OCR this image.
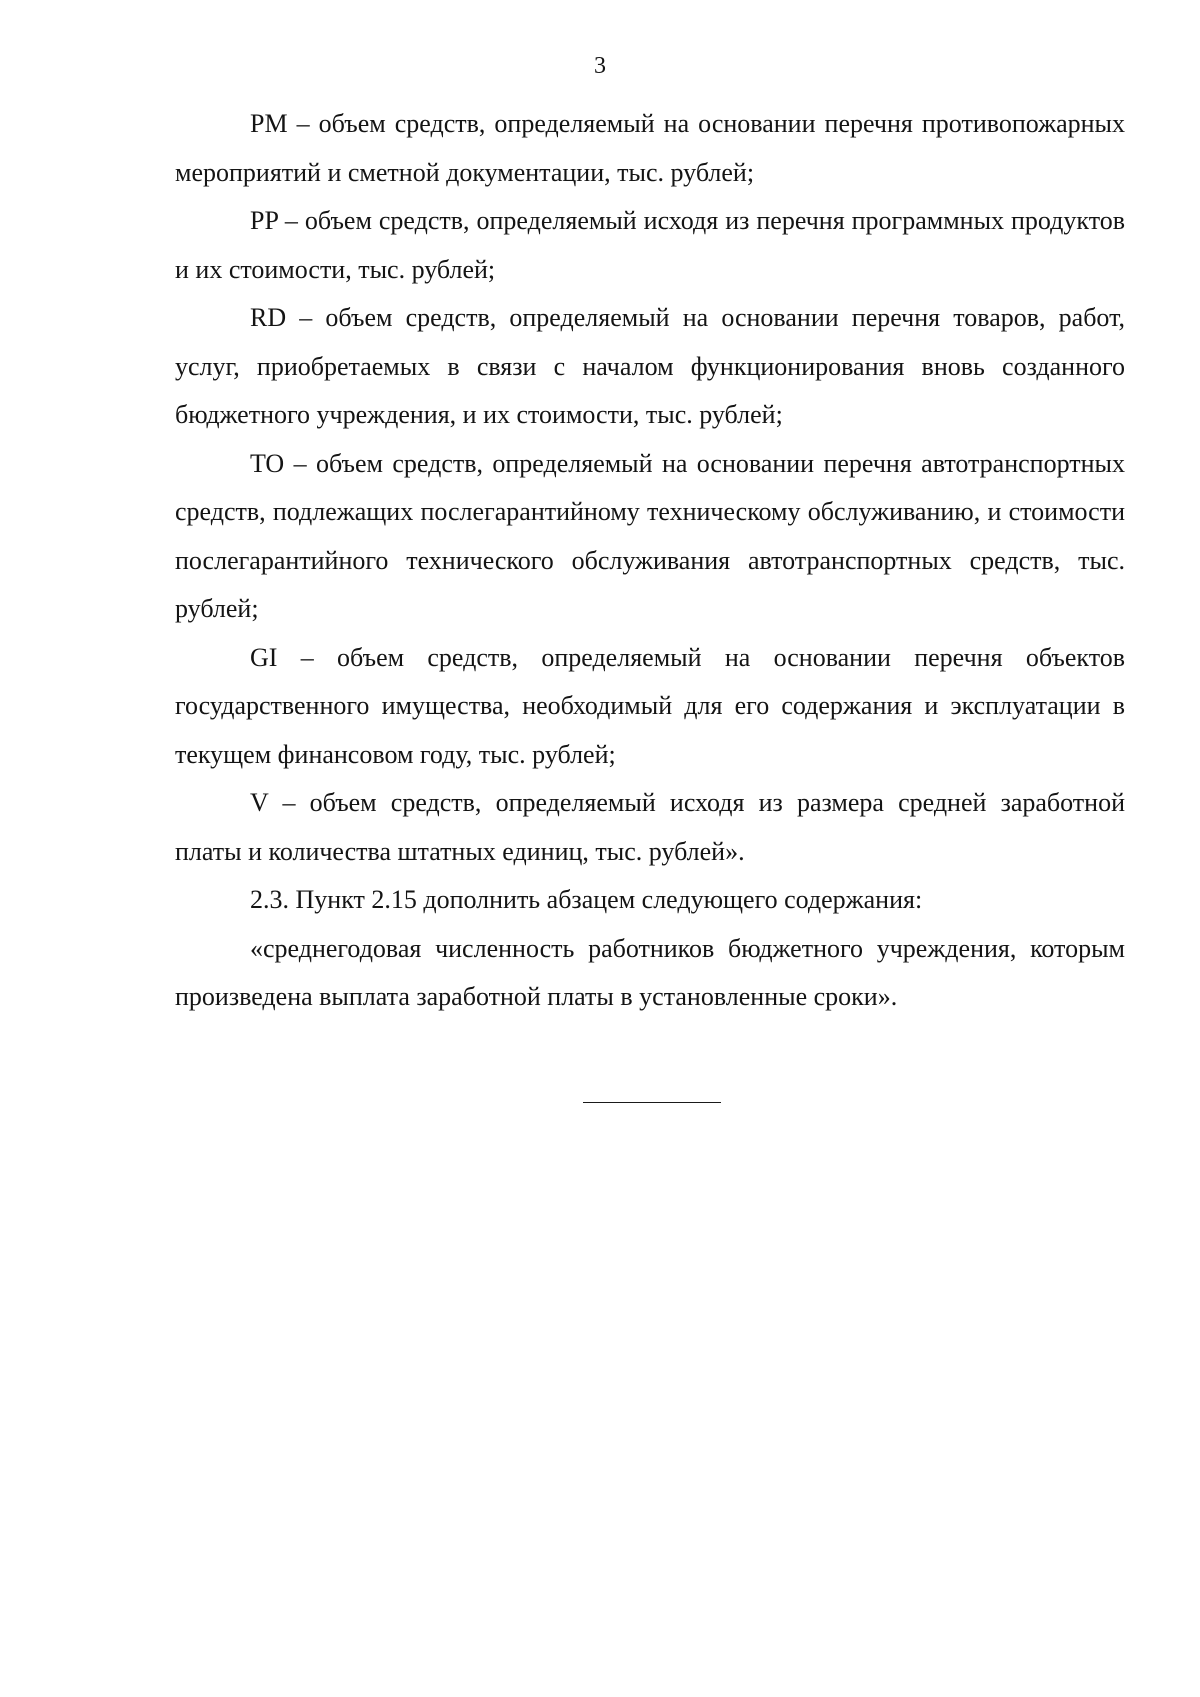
3

PM – объем средств, определяемый на основании перечня противопожарных мероприятий и сметной документации, тыс. рублей;

PP – объем средств, определяемый исходя из перечня программных продуктов и их стоимости, тыс. рублей;

RD – объем средств, определяемый на основании перечня товаров, работ, услуг, приобретаемых в связи с началом функционирования вновь созданного бюджетного учреждения, и их стоимости, тыс. рублей;

TO – объем средств, определяемый на основании перечня автотранспортных средств, подлежащих послегарантийному техническому обслуживанию, и стоимости послегарантийного технического обслуживания автотранспортных средств, тыс. рублей;

GI – объем средств, определяемый на основании перечня объектов государственного имущества, необходимый для его содержания и эксплуатации в текущем финансовом году, тыс. рублей;

V – объем средств, определяемый исходя из размера средней заработной платы и количества штатных единиц, тыс. рублей».

2.3. Пункт 2.15 дополнить абзацем следующего содержания:

«среднегодовая численность работников бюджетного учреждения, которым произведена выплата заработной платы в установленные сроки».
